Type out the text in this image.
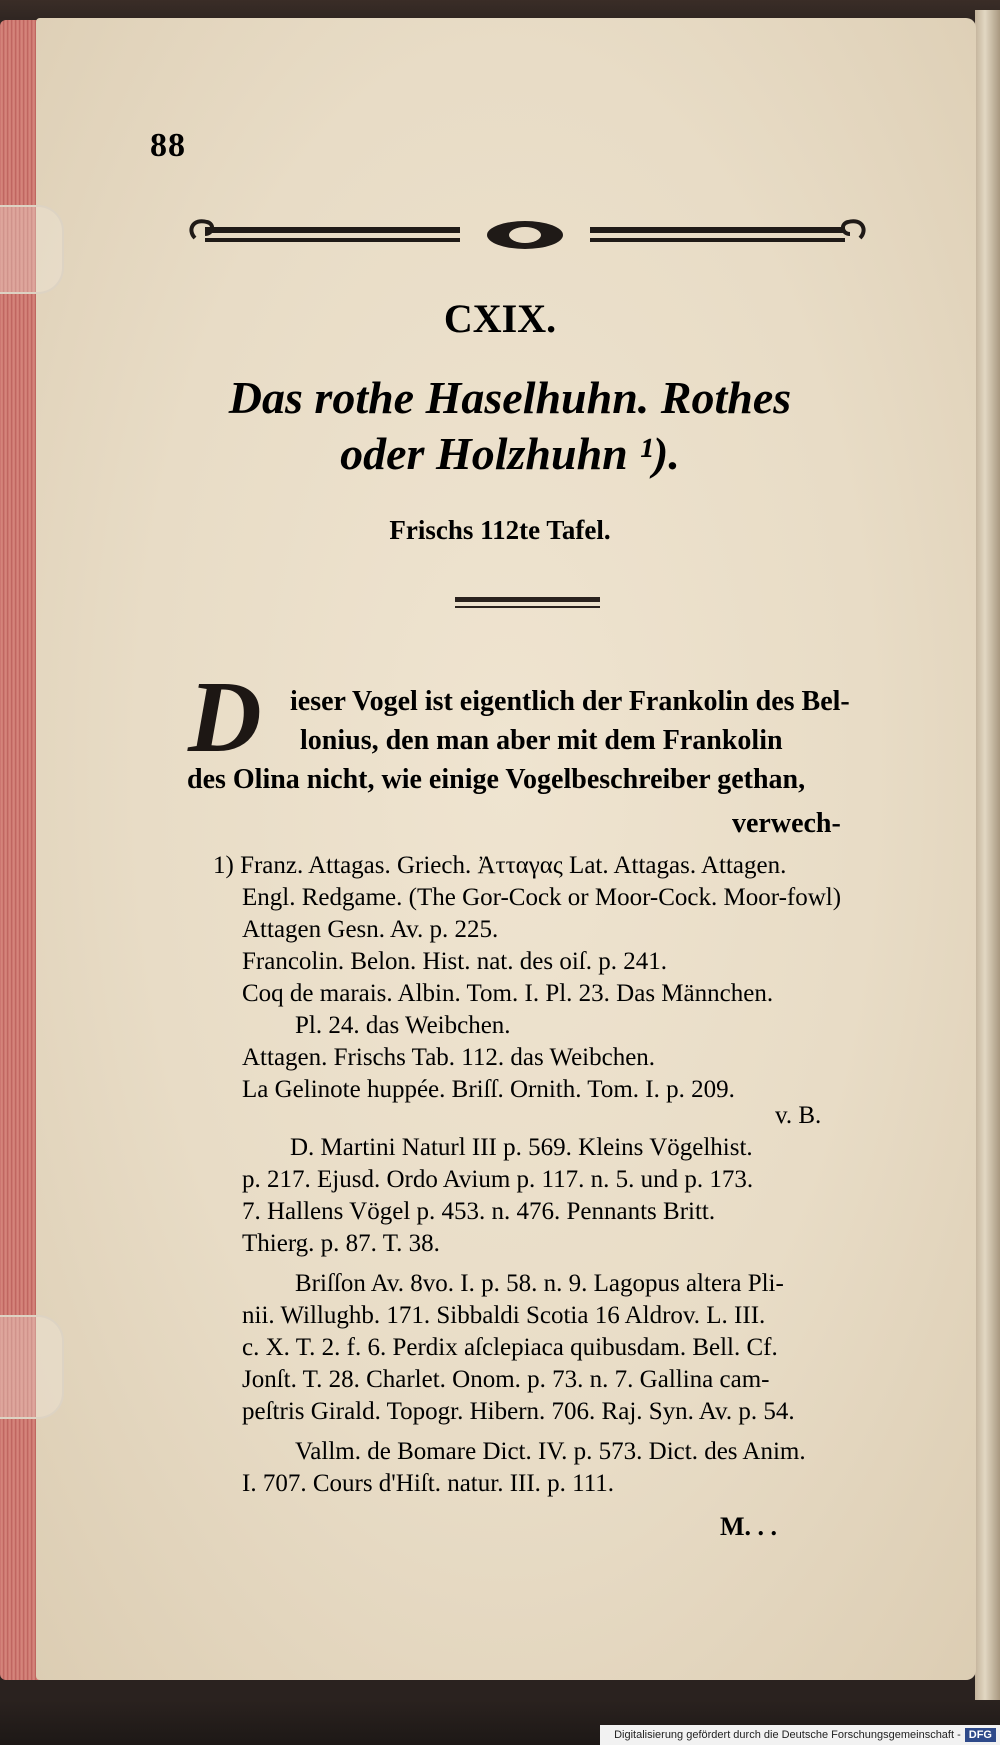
88
CXIX.
Das rothe Haselhuhn. Rothes
oder Holzhuhn ¹).
Frischs 112te Tafel.
D ieser Vogel ist eigentlich der Frankolin des Bel-
lonius, den man aber mit dem Frankolin
des Olina nicht, wie einige Vogelbeschreiber gethan,
verwech-
1) Franz. Attagas. Griech. Ἀτταγας Lat. Attagas. Attagen.
Engl. Redgame. (The Gor-Cock or Moor-Cock. Moor-fowl)
Attagen Gesn. Av. p. 225.
Francolin. Belon. Hist. nat. des oiſ. p. 241.
Coq de marais. Albin. Tom. I. Pl. 23. Das Männchen.
Pl. 24. das Weibchen.
Attagen. Frischs Tab. 112. das Weibchen.
La Gelinote huppée. Briſſ. Ornith. Tom. I. p. 209.
v. B.
D. Martini Naturl III p. 569. Kleins Vögelhist.
p. 217. Ejusd. Ordo Avium p. 117. n. 5. und p. 173.
7. Hallens Vögel p. 453. n. 476. Pennants Britt.
Thierg. p. 87. T. 38.
Briſſon Av. 8vo. I. p. 58. n. 9. Lagopus altera Pli-
nii. Willughb. 171. Sibbaldi Scotia 16 Aldrov. L. III.
c. X. T. 2. f. 6. Perdix aſclepiaca quibusdam. Bell. Cf.
Jonſt. T. 28. Charlet. Onom. p. 73. n. 7. Gallina cam-
peſtris Girald. Topogr. Hibern. 706. Raj. Syn. Av. p. 54.
Vallm. de Bomare Dict. IV. p. 573. Dict. des Anim.
I. 707. Cours d'Hiſt. natur. III. p. 111.
M. . .
Digitalisierung gefördert durch die Deutsche Forschungsgemeinschaft - DFG
